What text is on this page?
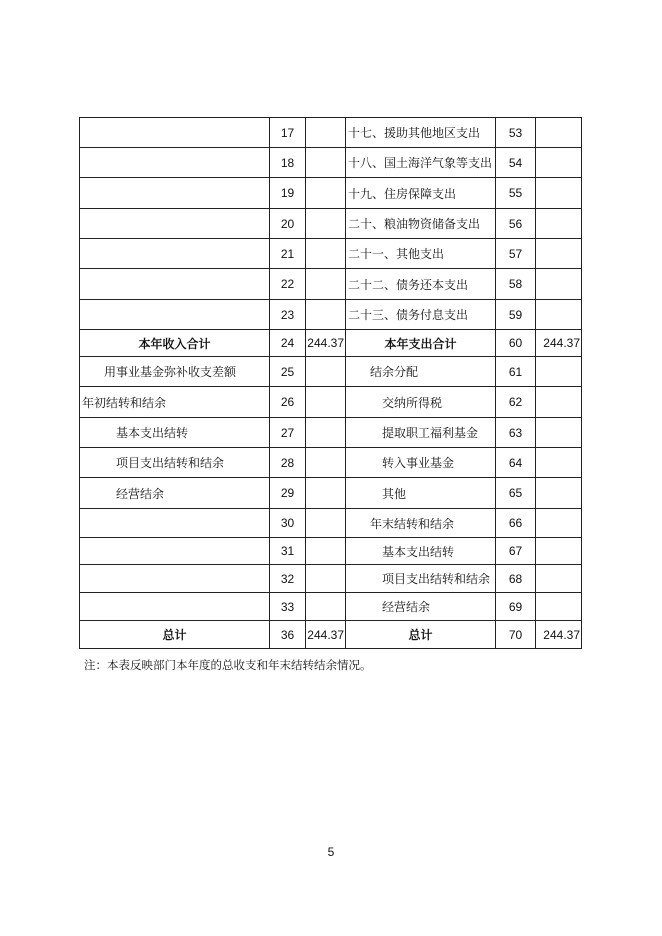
	17		十七、援助其他地区支出	53	
	18		十八、国土海洋气象等支出	54	
	19		十九、住房保障支出	55	
	20		二十、粮油物资储备支出	56	
	21		二十一、其他支出	57	
	22		二十二、债务还本支出	58	
	23		二十三、债务付息支出	59	
本年收入合计	24	244.37	本年支出合计	60	244.37
用事业基金弥补收支差额	25		结余分配	61	
年初结转和结余	26		交纳所得税	62	
基本支出结转	27		提取职工福利基金	63	
项目支出结转和结余	28		转入事业基金	64	
经营结余	29		其他	65	
	30		年末结转和结余	66	
	31		基本支出结转	67	
	32		项目支出结转和结余	68	
	33		经营结余	69	
总计	36	244.37	总计	70	244.37
注：本表反映部门本年度的总收支和年末结转结余情况。
5
